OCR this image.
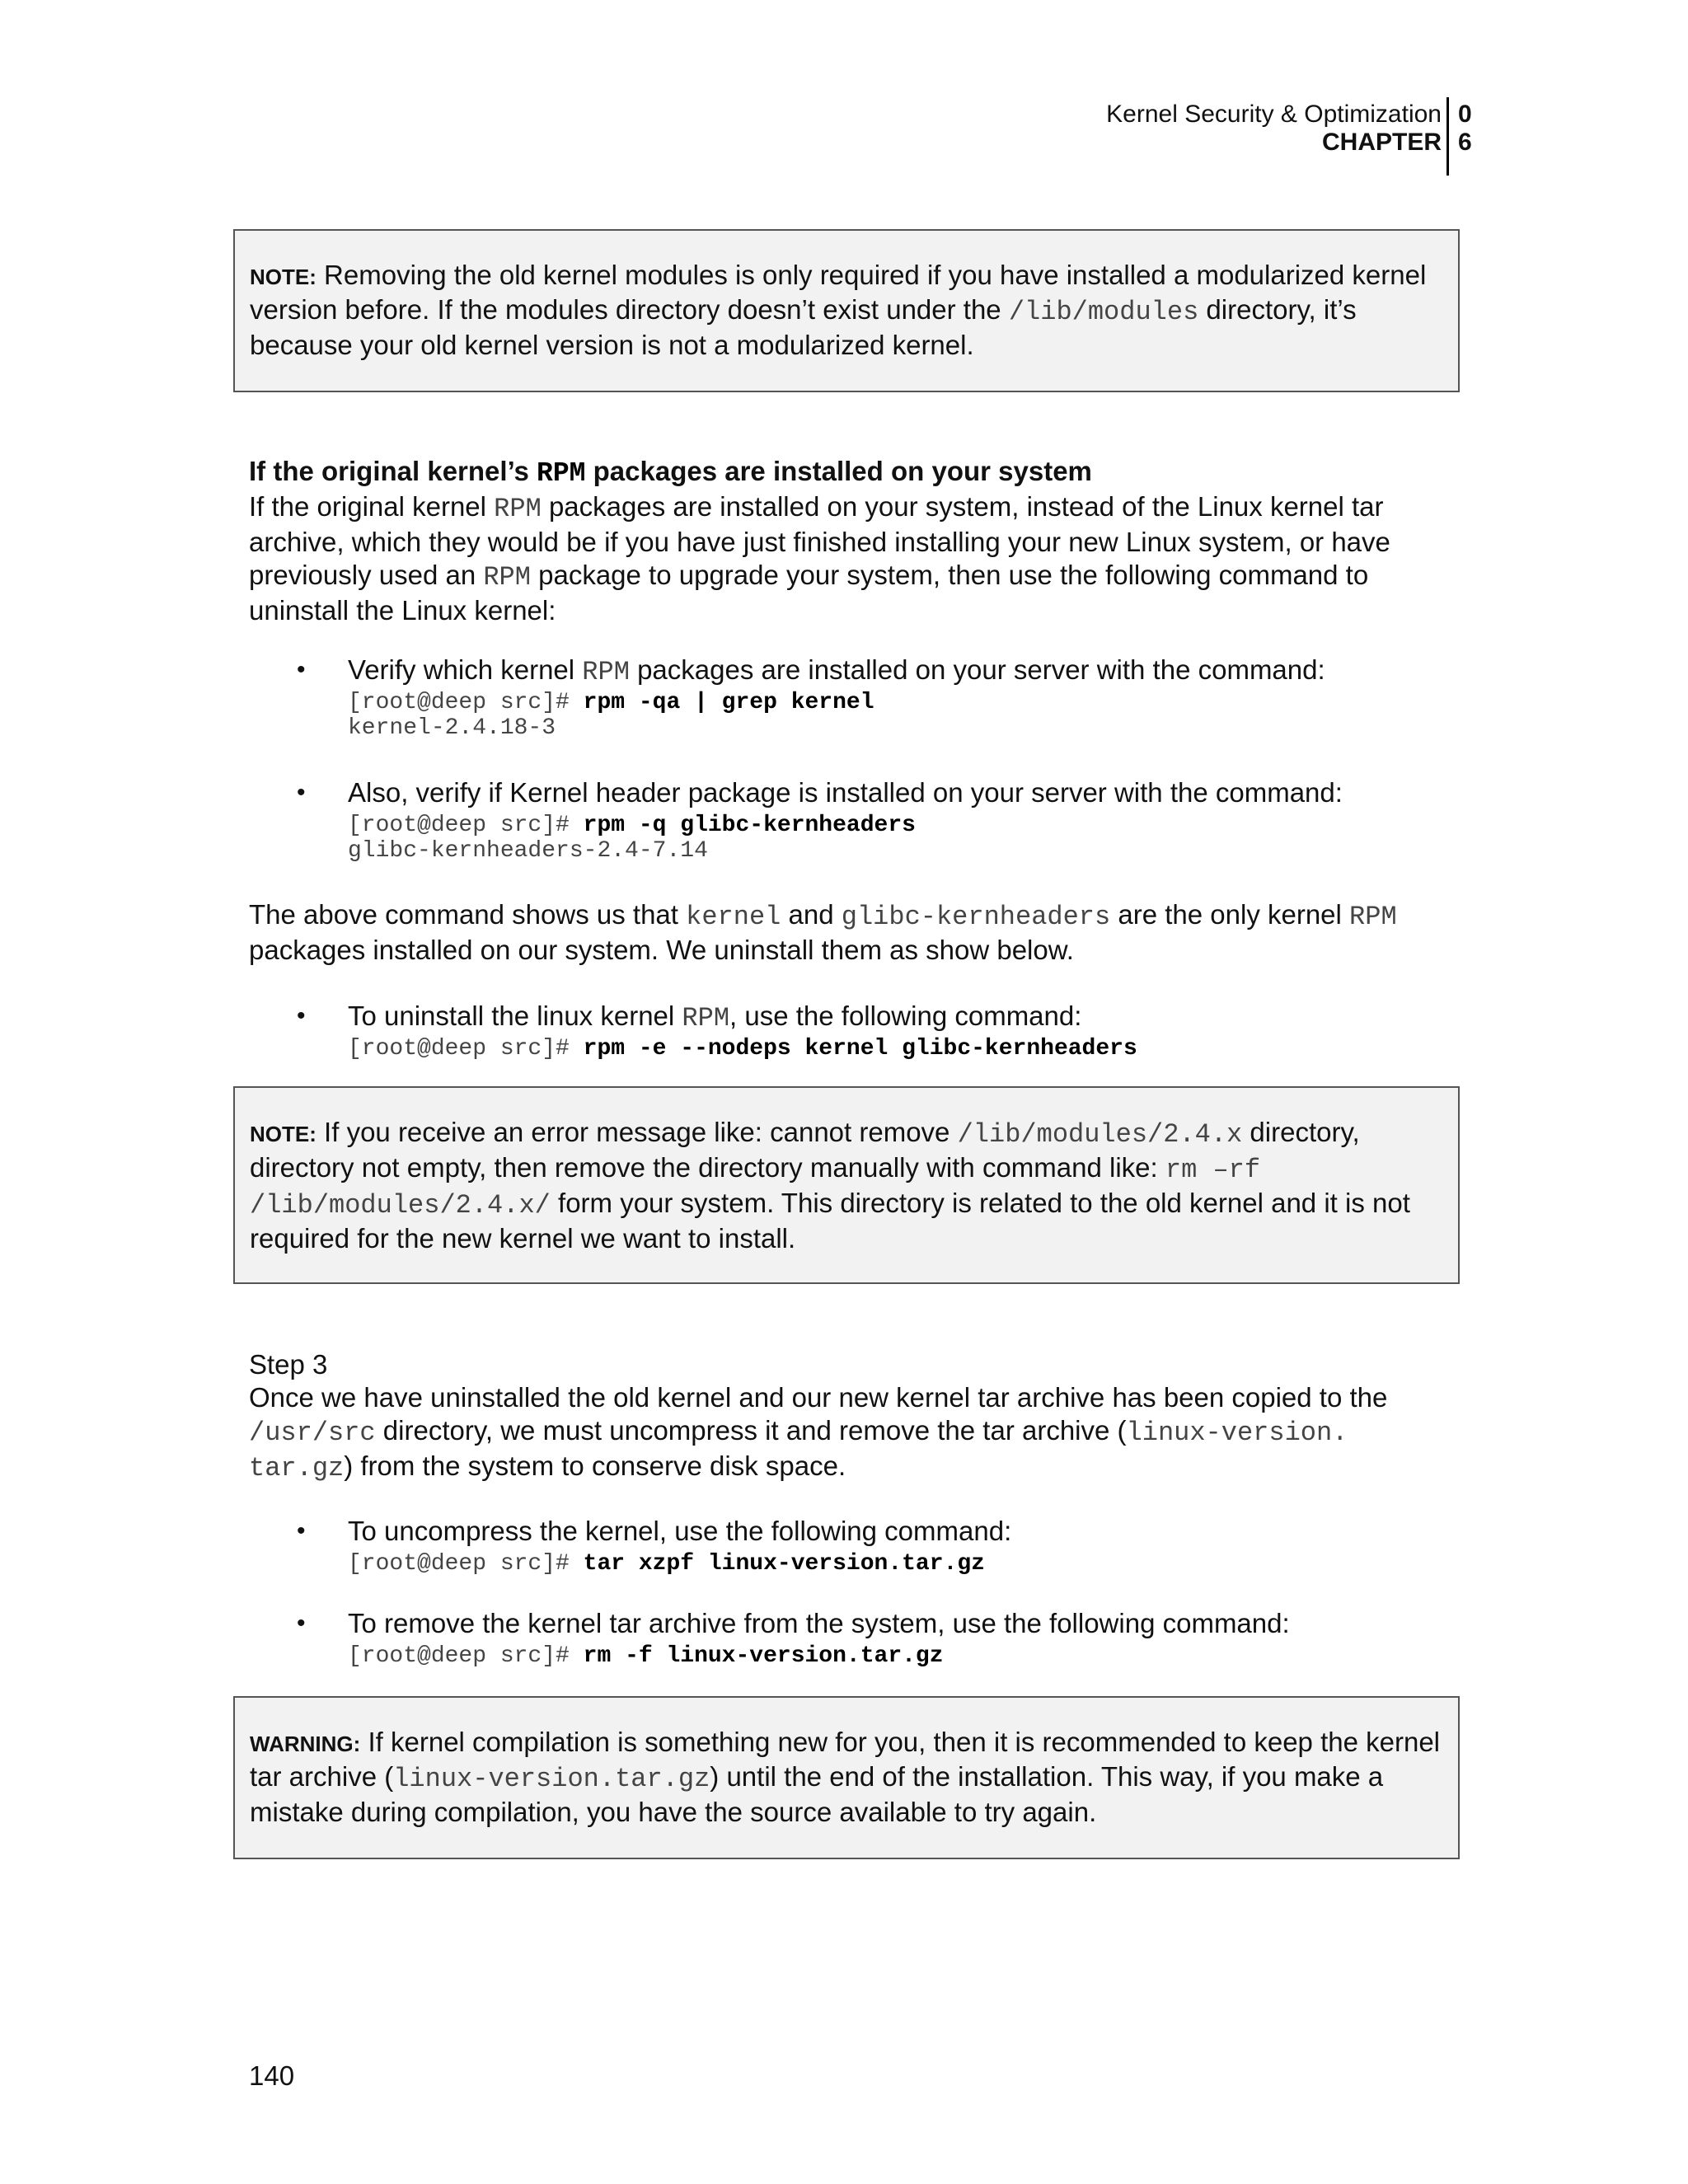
Kernel Security & Optimization
CHAPTER
0
6

NOTE: Removing the old kernel modules is only required if you have installed a modularized kernel version before. If the modules directory doesn’t exist under the /lib/modules directory, it’s because your old kernel version is not a modularized kernel.

If the original kernel’s RPM packages are installed on your system

If the original kernel RPM packages are installed on your system, instead of the Linux kernel tar archive, which they would be if you have just finished installing your new Linux system, or have previously used an RPM package to upgrade your system, then use the following command to uninstall the Linux kernel:

• Verify which kernel RPM packages are installed on your server with the command:
[root@deep src]# rpm -qa | grep kernel
kernel-2.4.18-3
• Also, verify if Kernel header package is installed on your server with the command:
[root@deep src]# rpm -q glibc-kernheaders
glibc-kernheaders-2.4-7.14

The above command shows us that kernel and glibc-kernheaders are the only kernel RPM packages installed on our system. We uninstall them as show below.

• To uninstall the linux kernel RPM, use the following command:
[root@deep src]# rpm -e --nodeps kernel glibc-kernheaders

NOTE: If you receive an error message like: cannot remove /lib/modules/2.4.x directory, directory not empty, then remove the directory manually with command like: rm –rf /lib/modules/2.4.x/ form your system. This directory is related to the old kernel and it is not required for the new kernel we want to install.

Step 3

Once we have uninstalled the old kernel and our new kernel tar archive has been copied to the /usr/src directory, we must uncompress it and remove the tar archive (linux-version. tar.gz) from the system to conserve disk space.

• To uncompress the kernel, use the following command:
[root@deep src]# tar xzpf linux-version.tar.gz
• To remove the kernel tar archive from the system, use the following command:
[root@deep src]# rm -f linux-version.tar.gz

WARNING: If kernel compilation is something new for you, then it is recommended to keep the kernel tar archive (linux-version.tar.gz) until the end of the installation. This way, if you make a mistake during compilation, you have the source available to try again.

140
